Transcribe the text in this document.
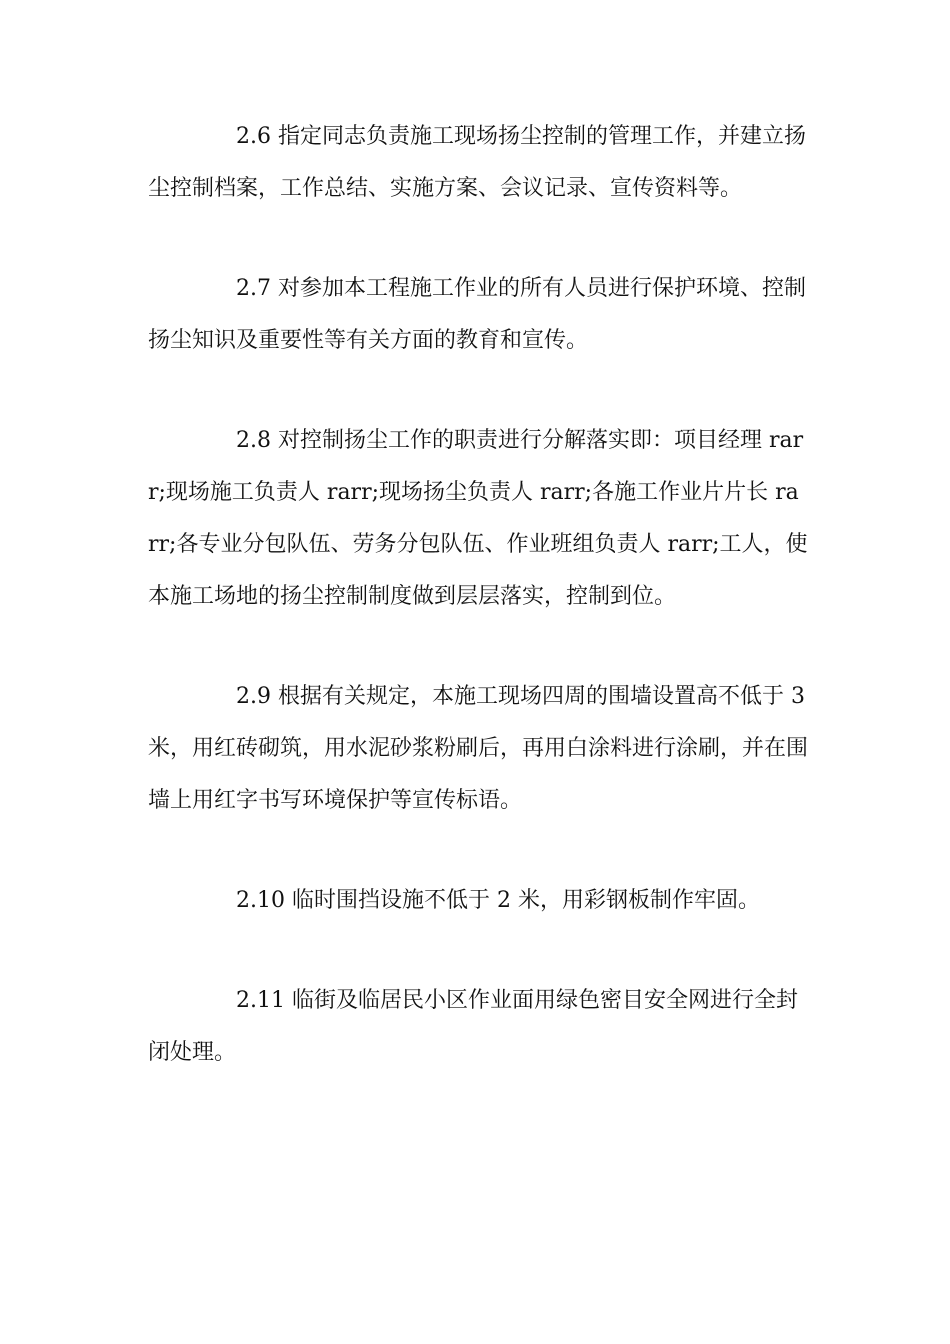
2.6 指定同志负责施工现场扬尘控制的管理工作，并建立扬尘控制档案，工作总结、实施方案、会议记录、宣传资料等。

2.7 对参加本工程施工作业的所有人员进行保护环境、控制扬尘知识及重要性等有关方面的教育和宣传。

2.8 对控制扬尘工作的职责进行分解落实即：项目经理 rarr;现场施工负责人 rarr;现场扬尘负责人 rarr;各施工作业片片长 rarr;各专业分包队伍、劳务分包队伍、作业班组负责人 rarr;工人，使本施工场地的扬尘控制制度做到层层落实，控制到位。

2.9 根据有关规定，本施工现场四周的围墙设置高不低于 3 米，用红砖砌筑，用水泥砂浆粉刷后，再用白涂料进行涂刷，并在围墙上用红字书写环境保护等宣传标语。

2.10 临时围挡设施不低于 2 米，用彩钢板制作牢固。

2.11 临街及临居民小区作业面用绿色密目安全网进行全封闭处理。
